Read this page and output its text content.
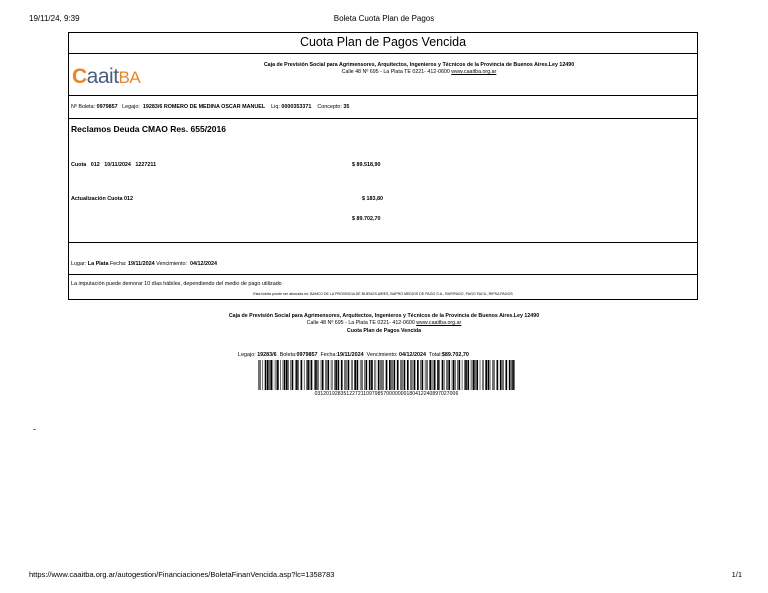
19/11/24, 9:39	Boleta Cuota Plan de Pagos
Cuota Plan de Pagos Vencida
CaaitBA
Caja de Previsión Social para Agrimensores, Arquitectos, Ingenieros y Técnicos de la Provincia de Buenos Aires.Ley 12490
Calle 48 Nº 695 - La Plata TE 0221- 412-0600 www.caaitba.org.ar
Nº Boleta: 0979857 Legajo: 19283/6 ROMERO DE MEDINA OSCAR MANUEL Liq: 0000353371 Concepto: 35
Reclamos Deuda CMAO Res. 655/2016
Cuota   012   10/11/2024   1227211	$ 89.518,90
Actualización Cuota 012	$ 183,80
$ 89.702,70
Lugar: La Plata Fecha: 19/11/2024 Vencimiento: 04/12/2024
La imputación puede demorar 10 días hábiles, dependiendo del medio de pago utilizado
Esta boleta puede ser abonada en: BANCO DE LA PROVINCIA DE BUENOS AIRES, BAPRO MEDIOS DE PAGO S.A., RAPIPAGO, PAGO FACIL, RIPSA PAGOS
Caja de Previsión Social para Agrimensores, Arquitectos, Ingenieros y Técnicos de la Provincia de Buenos Aires.Ley 12490
Calle 48 Nº 695 - La Plata TE 0221- 412-0600 www.caaitba.org.ar
Cuota Plan de Pagos Vencida
Legajo: 19283/6 Boleta:0979857 Fecha:19/11/2024 Vencimiento: 04/12/2024 Total:$89.702,70
03120192835122721109798570000000180412240897027006
-
https://www.caaitba.org.ar/autogestion/Financiaciones/BoletaFinanVencida.asp?lc=1358783	1/1
